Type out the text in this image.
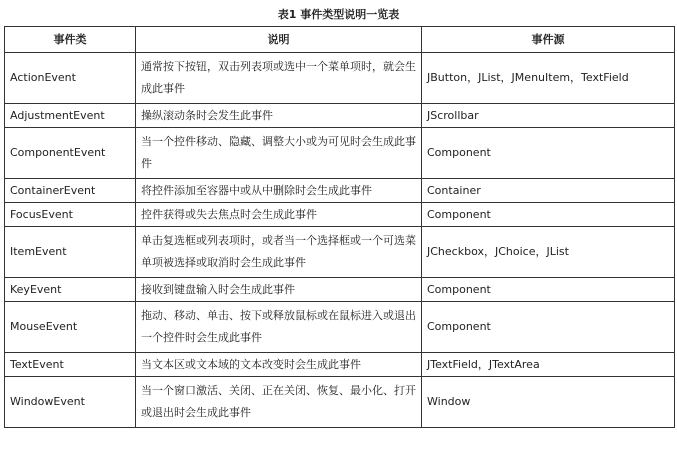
表1 事件类型说明一览表
事件类	说明	事件源
ActionEvent	通常按下按钮，双击列表项或选中一个菜单项时，就会生成此事件	JButton，JList，JMenuItem，TextField
AdjustmentEvent	操纵滚动条时会发生此事件	JScrollbar
ComponentEvent	当一个控件移动、隐藏、调整大小或为可见时会生成此事件	Component
ContainerEvent	将控件添加至容器中或从中删除时会生成此事件	Container
FocusEvent	控件获得或失去焦点时会生成此事件	Component
ItemEvent	单击复选框或列表项时，或者当一个选择框或一个可选菜单项被选择或取消时会生成此事件	JCheckbox，JChoice，JList
KeyEvent	接收到键盘输入时会生成此事件	Component
MouseEvent	拖动、移动、单击、按下或释放鼠标或在鼠标进入或退出一个控件时会生成此事件	Component
TextEvent	当文本区或文本域的文本改变时会生成此事件	JTextField，JTextArea
WindowEvent	当一个窗口激活、关闭、正在关闭、恢复、最小化、打开或退出时会生成此事件	Window
